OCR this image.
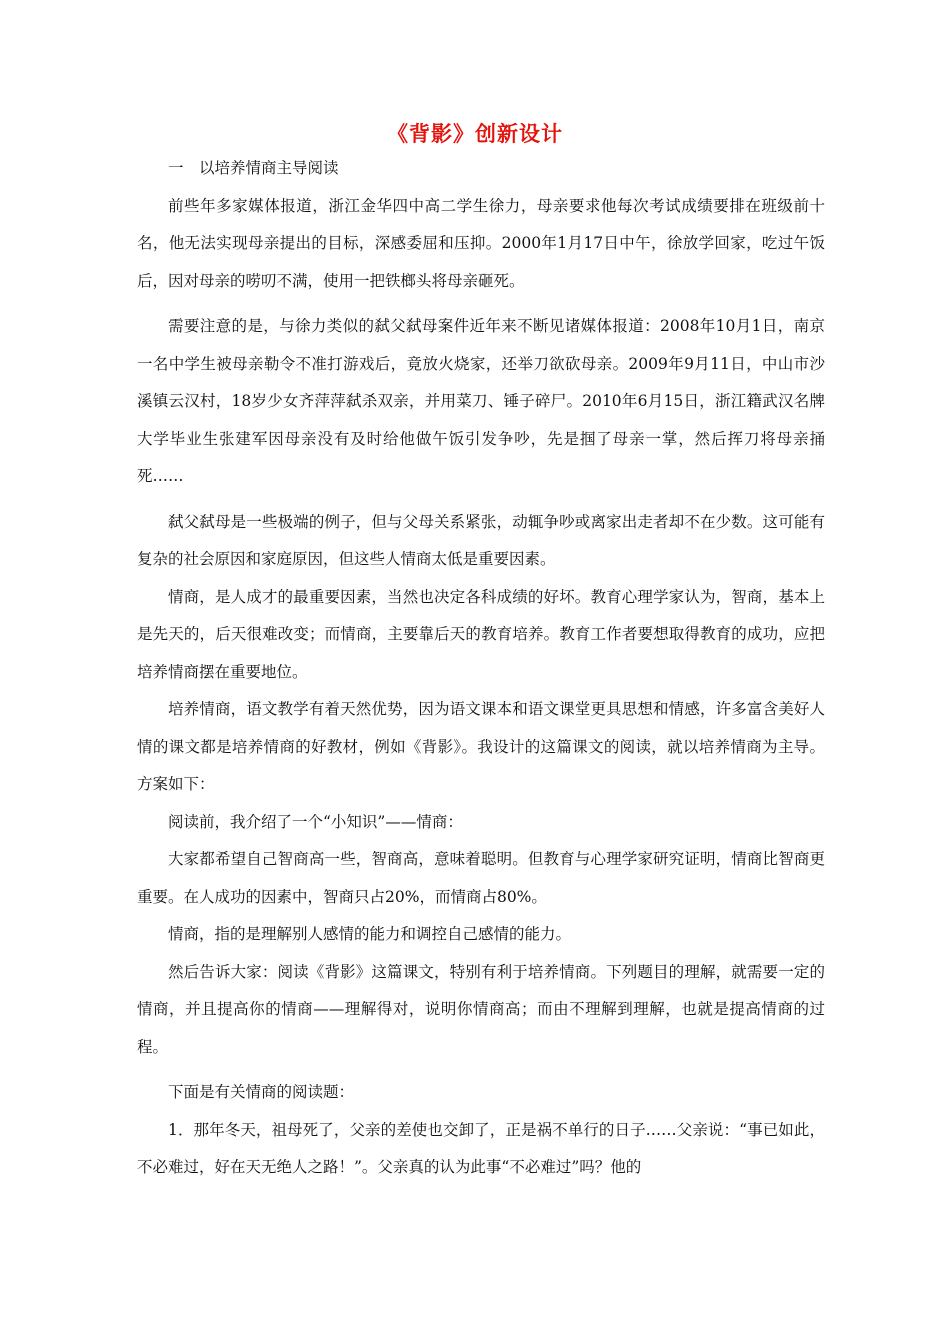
《背影》创新设计

一　以培养情商主导阅读

前些年多家媒体报道，浙江金华四中高二学生徐力，母亲要求他每次考试成绩要排在班级前十名，他无法实现母亲提出的目标，深感委屈和压抑。2000年1月17日中午，徐放学回家，吃过午饭后，因对母亲的唠叨不满，使用一把铁榔头将母亲砸死。

需要注意的是，与徐力类似的弑父弑母案件近年来不断见诸媒体报道：2008年10月1日，南京一名中学生被母亲勒令不准打游戏后，竟放火烧家，还举刀欲砍母亲。2009年9月11日，中山市沙溪镇云汉村，18岁少女齐萍萍弑杀双亲，并用菜刀、锤子碎尸。2010年6月15日，浙江籍武汉名牌大学毕业生张建军因母亲没有及时给他做午饭引发争吵，先是掴了母亲一掌，然后挥刀将母亲捅死……

弑父弑母是一些极端的例子，但与父母关系紧张，动辄争吵或离家出走者却不在少数。这可能有复杂的社会原因和家庭原因，但这些人情商太低是重要因素。

情商，是人成才的最重要因素，当然也决定各科成绩的好坏。教育心理学家认为，智商，基本上是先天的，后天很难改变；而情商，主要靠后天的教育培养。教育工作者要想取得教育的成功，应把培养情商摆在重要地位。

培养情商，语文教学有着天然优势，因为语文课本和语文课堂更具思想和情感，许多富含美好人情的课文都是培养情商的好教材，例如《背影》。我设计的这篇课文的阅读，就以培养情商为主导。方案如下：

阅读前，我介绍了一个“小知识”——情商：

大家都希望自己智商高一些，智商高，意味着聪明。但教育与心理学家研究证明，情商比智商更重要。在人成功的因素中，智商只占20%，而情商占80%。

情商，指的是理解别人感情的能力和调控自己感情的能力。

然后告诉大家：阅读《背影》这篇课文，特别有利于培养情商。下列题目的理解，就需要一定的情商，并且提高你的情商——理解得对，说明你情商高；而由不理解到理解，也就是提高情商的过程。

下面是有关情商的阅读题：

1．那年冬天，祖母死了，父亲的差使也交卸了，正是祸不单行的日子……父亲说：“事已如此，不必难过，好在天无绝人之路！”。父亲真的认为此事“不必难过”吗？他的
